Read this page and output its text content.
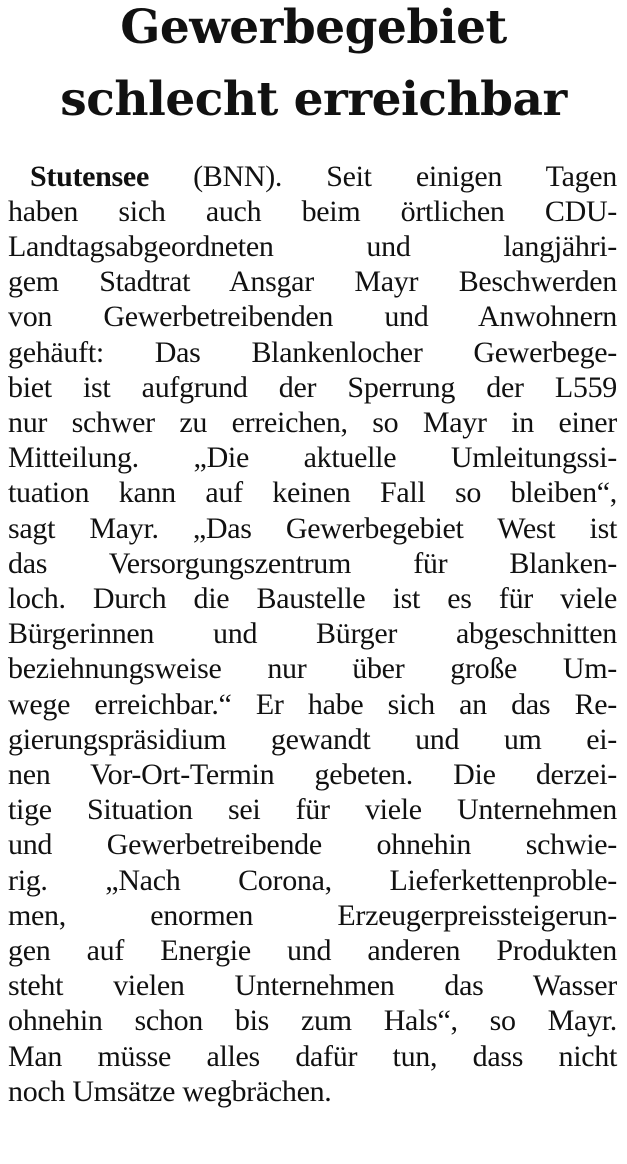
Gewerbegebiet
schlecht erreichbar
Stutensee (BNN). Seit einigen Tagen
haben sich auch beim örtlichen CDU-
Landtagsabgeordneten und langjähri-
gem Stadtrat Ansgar Mayr Beschwerden
von Gewerbetreibenden und Anwohnern
gehäuft: Das Blankenlocher Gewerbege-
biet ist aufgrund der Sperrung der L559
nur schwer zu erreichen, so Mayr in einer
Mitteilung. „Die aktuelle Umleitungssi-
tuation kann auf keinen Fall so bleiben“,
sagt Mayr. „Das Gewerbegebiet West ist
das Versorgungszentrum für Blanken-
loch. Durch die Baustelle ist es für viele
Bürgerinnen und Bürger abgeschnitten
beziehnungsweise nur über große Um-
wege erreichbar.“ Er habe sich an das Re-
gierungspräsidium gewandt und um ei-
nen Vor-Ort-Termin gebeten. Die derzei-
tige Situation sei für viele Unternehmen
und Gewerbetreibende ohnehin schwie-
rig. „Nach Corona, Lieferkettenproble-
men, enormen Erzeugerpreissteigerun-
gen auf Energie und anderen Produkten
steht vielen Unternehmen das Wasser
ohnehin schon bis zum Hals“, so Mayr.
Man müsse alles dafür tun, dass nicht
noch Umsätze wegbrächen.
